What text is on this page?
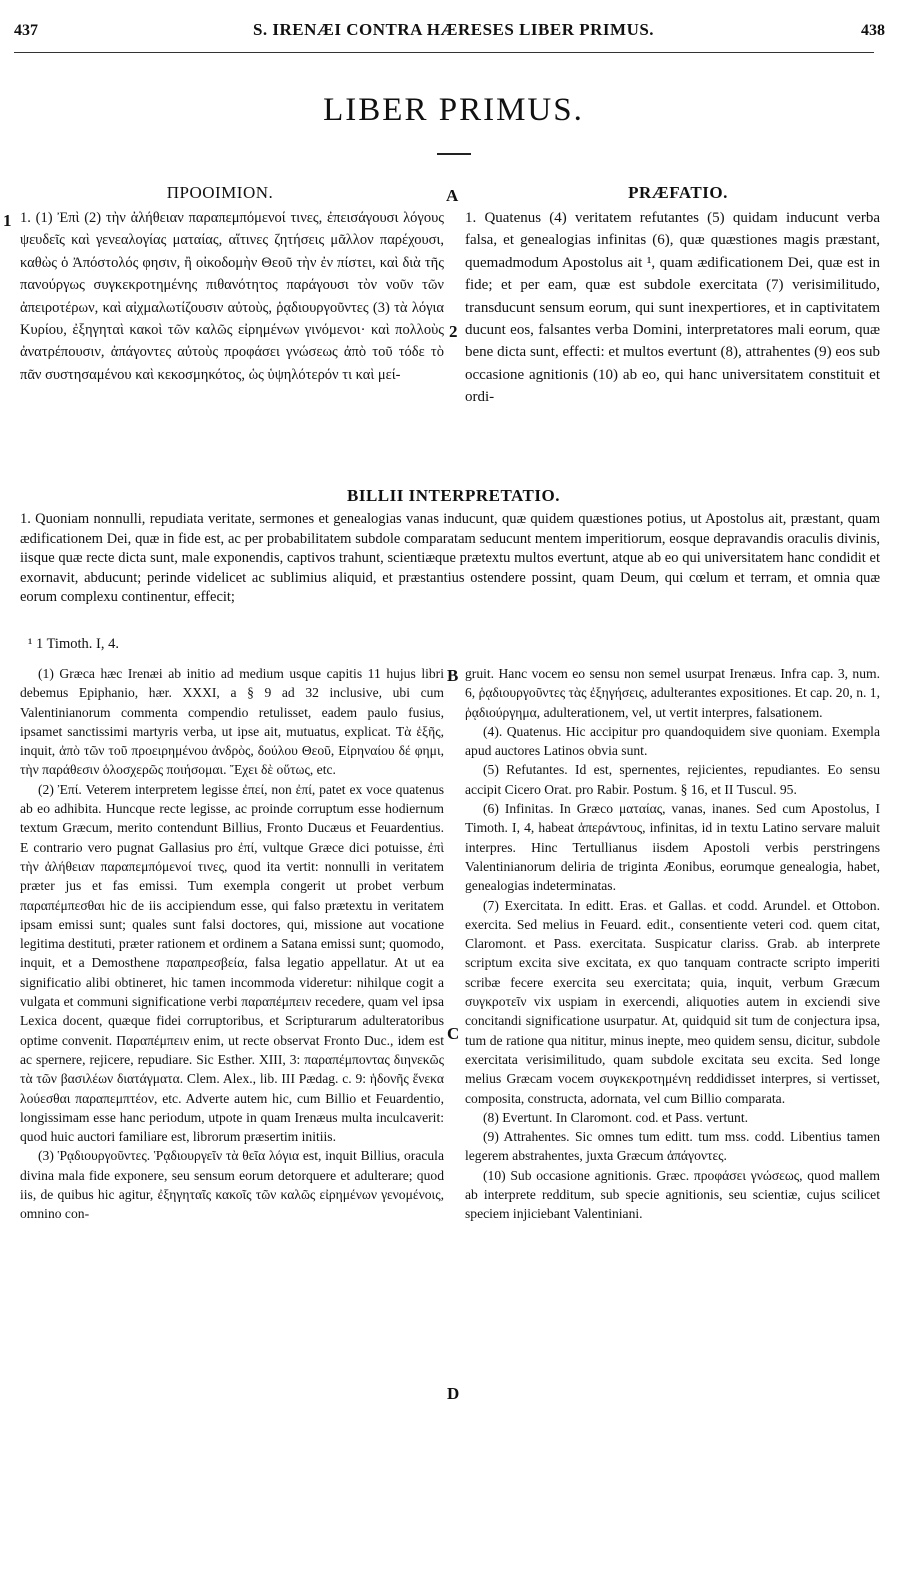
437	S. IRENÆI CONTRA HÆRESES LIBER PRIMUS.	438
LIBER PRIMUS.
ΠΡΟΟΙΜΙΟΝ.	A	PRÆFATIO.
1. (1) Ἐπὶ (2) τὴν ἀλήθειαν παραπεμπόμενοί τινες, ἐπεισάγουσι λόγους ψευδεῖς καὶ γενεαλογίας ματαίας, αἵτινες ζητήσεις μᾶλλον παρέχουσι, καθὼς ὁ Ἀπόστολός φησιν, ἢ οἰκοδομὴν Θεοῦ τὴν ἐν πίστει, καὶ διὰ τῆς πανούργως συγκεκροτημένης πιθανότητος παράγουσι τὸν νοῦν τῶν ἀπειροτέρων, καὶ αἰχμαλωτίζουσιν αὐτοὺς, ῥᾳδιουργοῦντες (3) τὰ λόγια Κυρίου, ἐξηγηταὶ κακοὶ τῶν καλῶς εἰρημένων γινόμενοι· καὶ πολλοὺς ἀνατρέπουσιν, ἀπάγοντες αὐτοὺς προφάσει γνώσεως ἀπὸ τοῦ τόδε τὸ πᾶν συστησαμένου καὶ κεκοσμηκότος, ὡς ὑψηλότερόν τι καὶ μεί-
1	1. Quatenus (4) veritatem refutantes (5) quidam inducunt verba falsa, et genealogias infinitas (6), quæ quæstiones magis præstant, quemadmodum Apostolus ait ¹, quam ædificationem Dei, quæ est in fide; et per eam, quæ est subdole exercitata (7) verisimilitudo, transducunt sensum eorum, qui sunt inexpertiores, et in captivitatem ducunt eos, falsantes verba Domini, interpretatores mali eorum, quæ bene dicta sunt, effecti: et multos evertunt (8), attrahentes (9) eos sub occasione agnitionis (10) ab eo, qui hanc universitatem constituit et ordi-
2
BILLII INTERPRETATIO.
1. Quoniam nonnulli, repudiata veritate, sermones et genealogias vanas inducunt, quæ quidem quæstiones potius, ut Apostolus ait, præstant, quam ædificationem Dei, quæ in fide est, ac per probabilitatem subdole comparatam seducunt mentem imperitiorum, eosque depravandis oraculis divinis, iisque quæ recte dicta sunt, male exponendis, captivos trahunt, scientiæque prætextu multos evertunt, atque ab eo qui universitatem hanc condidit et exornavit, abducunt; perinde videlicet ac sublimius aliquid, et præstantius ostendere possint, quam Deum, qui cœlum et terram, et omnia quæ eorum complexu continentur, effecit;
¹ 1 Timoth. I, 4.

(1) Græca hæc Irenæi ab initio ad medium usque capitis 11 hujus libri debemus Epiphanio, hær. XXXI, a § 9 ad 32 inclusive, ubi cum Valentinianorum commenta compendio retulisset, eadem paulo fusius, ipsamet sanctissimi martyris verba, ut ipse ait, mutuatus, explicat. Τὰ ἑξῆς, inquit, ἀπὸ τῶν τοῦ προειρημένου ἀνδρὸς, δούλου Θεοῦ, Εἰρηναίου δέ φημι, τὴν παράθεσιν ὁλοσχερῶς ποιήσομαι. Ἔχει δὲ οὕτως, etc.

(2) Ἐπί. Veterem interpretem legisse ἐπεί, non ἐπί, patet ex voce quatenus ab eo adhibita. Huncque recte legisse, ac proinde corruptum esse hodiernum textum Græcum, merito contendunt Billius, Fronto Ducæus et Feuardentius. E contrario vero pugnat Gallasius pro ἐπί, vultque Græce dici potuisse, ἐπὶ τὴν ἀλήθειαν παραπεμπόμενοί τινες, quod ita vertit: nonnulli in veritatem præter jus et fas emissi. Tum exempla congerit ut probet verbum παραπέμπεσθαι hic de iis accipiendum esse, qui falso prætextu in veritatem ipsam emissi sunt; quales sunt falsi doctores, qui, missione aut vocatione legitima destituti, præter rationem et ordinem a Satana emissi sunt; quomodo, inquit, et a Demosthene παραπρεσβεία, falsa legatio appellatur. At ut ea significatio alibi obtineret, hic tamen incommoda videretur: nihilque cogit a vulgata et communi significatione verbi παραπέμπειν recedere, quam vel ipsa Lexica docent, quæque fidei corruptoribus, et Scripturarum adulteratoribus optime convenit. Παραπέμπειν enim, ut recte observat Fronto Duc., idem est ac spernere, rejicere, repudiare. Sic Esther. XIII, 3: παραπέμποντας διηνεκῶς τὰ τῶν βασιλέων διατάγματα. Clem. Alex., lib. III Pædag. c. 9: ἡδονῆς ἕνεκα λούεσθαι παραπεμπτέον, etc. Adverte autem hic, cum Billio et Feuardentio, longissimam esse hanc periodum, utpote in quam Irenæus multa inculcaverit: quod huic auctori familiare est, librorum præsertim initiis.

(3) Ῥᾳδιουργοῦντες. Ῥᾳδιουργεῖν τὰ θεῖα λόγια est, inquit Billius, oracula divina mala fide exponere, seu sensum eorum detorquere et adulterare; quod iis, de quibus hic agitur, ἐξηγηταῖς κακοῖς τῶν καλῶς εἰρημένων γενομένοις, omnino con-

B
C
D

gruit. Hanc vocem eo sensu non semel usurpat Irenæus. Infra cap. 3, num. 6, ῥᾳδιουργοῦντες τὰς ἐξηγήσεις, adulterantes expositiones. Et cap. 20, n. 1, ῥᾳδιούργημα, adulterationem, vel, ut vertit interpres, falsationem.

(4). Quatenus. Hic accipitur pro quandoquidem sive quoniam. Exempla apud auctores Latinos obvia sunt.

(5) Refutantes. Id est, spernentes, rejicientes, repudiantes. Eo sensu accipit Cicero Orat. pro Rabir. Postum. § 16, et II Tuscul. 95.

(6) Infinitas. In Græco ματαίας, vanas, inanes. Sed cum Apostolus, I Timoth. I, 4, habeat ἀπεράντους, infinitas, id in textu Latino servare maluit interpres. Hinc Tertullianus iisdem Apostoli verbis perstringens Valentinianorum deliria de triginta Æonibus, eorumque genealogia, habet, genealogias indeterminatas.

(7) Exercitata. In editt. Eras. et Gallas. et codd. Arundel. et Ottobon. exercita. Sed melius in Feuard. edit., consentiente veteri cod. quem citat, Claromont. et Pass. exercitata. Suspicatur clariss. Grab. ab interprete scriptum excita sive excitata, ex quo tanquam contracte scripto imperiti scribæ fecere exercita seu exercitata; quia, inquit, verbum Græcum συγκροτεῖν vix uspiam in exercendi, aliquoties autem in exciendi sive concitandi significatione usurpatur. At, quidquid sit tum de conjectura ipsa, tum de ratione qua nititur, minus inepte, meo quidem sensu, dicitur, subdole exercitata verisimilitudo, quam subdole excitata seu excita. Sed longe melius Græcam vocem συγκεκροτημένη reddidisset interpres, si vertisset, composita, constructa, adornata, vel cum Billio comparata.

(8) Evertunt. In Claromont. cod. et Pass. vertunt.

(9) Attrahentes. Sic omnes tum editt. tum mss. codd. Libentius tamen legerem abstrahentes, juxta Græcum ἀπάγοντες.

(10) Sub occasione agnitionis. Græc. προφάσει γνώσεως, quod mallem ab interprete redditum, sub specie agnitionis, seu scientiæ, cujus scilicet speciem injiciebant Valentiniani.
